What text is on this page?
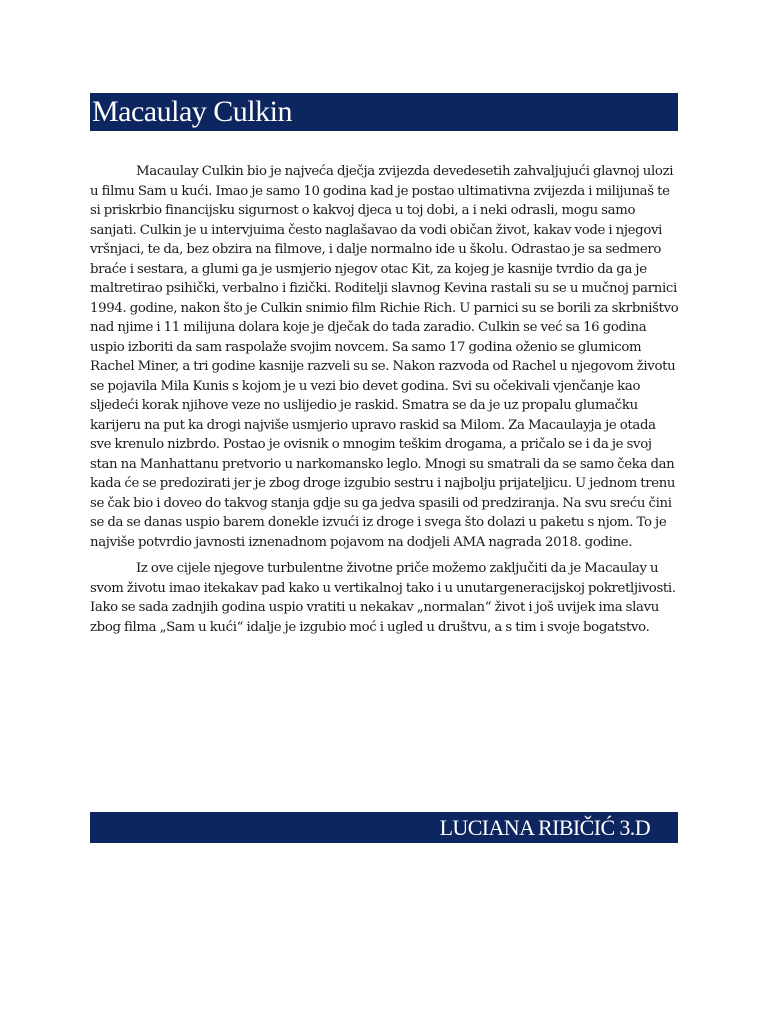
Macaulay Culkin

Macaulay Culkin bio je najveća dječja zvijezda devedesetih zahvaljujući glavnoj ulozi u filmu Sam u kući. Imao je samo 10 godina kad je postao ultimativna zvijezda i milijunaš te si priskrbio financijsku sigurnost o kakvoj djeca u toj dobi, a i neki odrasli, mogu samo sanjati. Culkin je u intervjuima često naglašavao da vodi običan život, kakav vode i njegovi vršnjaci, te da, bez obzira na filmove, i dalje normalno ide u školu. Odrastao je sa sedmero braće i sestara, a glumi ga je usmjerio njegov otac Kit, za kojeg je kasnije tvrdio da ga je maltretirao psihički, verbalno i fizički. Roditelji slavnog Kevina rastali su se u mučnoj parnici 1994. godine, nakon što je Culkin snimio film Richie Rich. U parnici su se borili za skrbništvo nad njime i 11 milijuna dolara koje je dječak do tada zaradio. Culkin se već sa 16 godina uspio izboriti da sam raspolaže svojim novcem. Sa samo 17 godina oženio se glumicom Rachel Miner, a tri godine kasnije razveli su se. Nakon razvoda od Rachel u njegovom životu se pojavila Mila Kunis s kojom je u vezi bio devet godina. Svi su očekivali vjenčanje kao sljedeći korak njihove veze no uslijedio je raskid. Smatra se da je uz propalu glumačku karijeru na put ka drogi najviše usmjerio upravo raskid sa Milom. Za Macaulayja je otada sve krenulo nizbrdo. Postao je ovisnik o mnogim teškim drogama, a pričalo se i da je svoj stan na Manhattanu pretvorio u narkomansko leglo. Mnogi su smatrali da se samo čeka dan kada će se predozirati jer je zbog droge izgubio sestru i najbolju prijateljicu. U jednom trenu se čak bio i doveo do takvog stanja gdje su ga jedva spasili od predziranja. Na svu sreću čini se da se danas uspio barem donekle izvući iz droge i svega što dolazi u paketu s njom. To je najviše potvrdio javnosti iznenadnom pojavom na dodjeli AMA nagrada 2018. godine.

Iz ove cijele njegove turbulentne životne priče možemo zaključiti da je Macaulay u svom životu imao itekakav pad kako u vertikalnoj tako i u unutargeneracijskoj pokretljivosti. Iako se sada zadnjih godina uspio vratiti u nekakav „normalan“ život i još uvijek ima slavu zbog filma „Sam u kući“ idalje je izgubio moć i ugled u društvu, a s tim i svoje bogatstvo.

LUCIANA RIBIČIĆ 3.D
